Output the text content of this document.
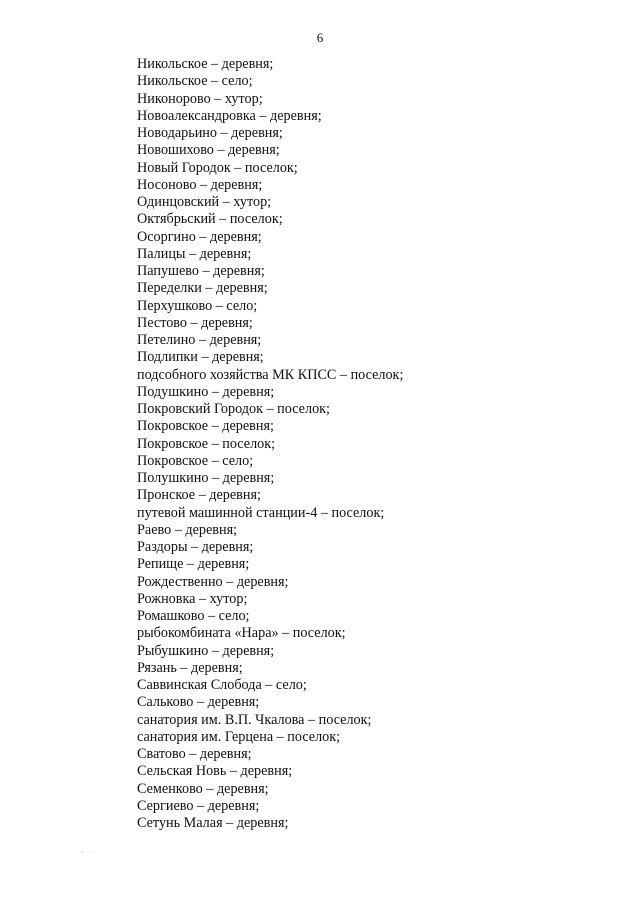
6
Никольское – деревня;
Никольское – село;
Никонорово – хутор;
Новоалександровка – деревня;
Новодарьино – деревня;
Новошихово – деревня;
Новый Городок – поселок;
Носоново – деревня;
Одинцовский – хутор;
Октябрьский – поселок;
Осоргино – деревня;
Палицы – деревня;
Папушево – деревня;
Переделки – деревня;
Перхушково – село;
Пестово – деревня;
Петелино – деревня;
Подлипки – деревня;
подсобного хозяйства МК КПСС – поселок;
Подушкино – деревня;
Покровский Городок – поселок;
Покровское – деревня;
Покровское – поселок;
Покровское – село;
Полушкино – деревня;
Пронское – деревня;
путевой машинной станции-4 – поселок;
Раево – деревня;
Раздоры – деревня;
Репище – деревня;
Рождественно – деревня;
Рожновка – хутор;
Ромашково – село;
рыбокомбината «Нара» – поселок;
Рыбушкино – деревня;
Рязань – деревня;
Саввинская Слобода – село;
Сальково – деревня;
санатория им. В.П. Чкалова – поселок;
санатория им. Герцена – поселок;
Сватово – деревня;
Сельская Новь – деревня;
Семенково – деревня;
Сергиево – деревня;
Сетунь Малая – деревня;
